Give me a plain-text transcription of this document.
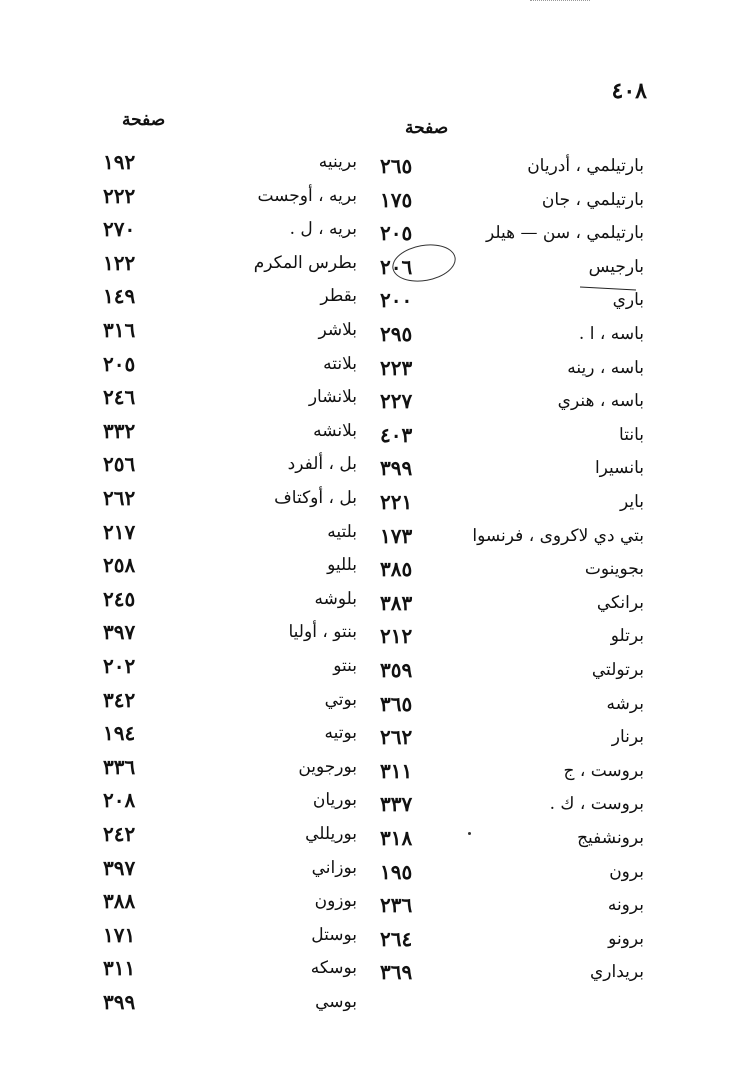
٤٠٨
صفحة	صفحة
برينيه
١٩٢
بريه ، أوجست
٢٢٢
بريه ، ل .
٢٧٠
بطرس المكرم
١٢٢
بقطر
١٤٩
بلاشر
٣١٦
بلانته
٢٠٥
بلانشار
٢٤٦
بلانشه
٣٣٢
بل ، ألفرد
٢٥٦
بل ، أوكتاف
٢٦٢
بلتيه
٢١٧
بلليو
٢٥٨
بلوشه
٢٤٥
بنتو ، أوليا
٣٩٧
بنتو
٢٠٢
بوتي
٣٤٢
بوتيه
١٩٤
بورجوين
٣٣٦
بوريان
٢٠٨
بوريللي
٢٤٢
بوزاني
٣٩٧
بوزون
٣٨٨
بوستل
١٧١
بوسكه
٣١١
بوسي
٣٩٩
بارتيلمي ، أدريان
٢٦٥
بارتيلمي ، جان
١٧٥
بارتيلمي ، سن — هيلر
٢٠٥
بارجيس
٢٠٦
باري
٢٠٠
باسه ، ا .
٢٩٥
باسه ، رينه
٢٢٣
باسه ، هنري
٢٢٧
بانتا
٤٠٣
بانسيرا
٣٩٩
باير
٢٢١
بتي دي لاكروى ، فرنسوا
١٧٣
بجوينوت
٣٨٥
برانكي
٣٨٣
برتلو
٢١٢
برتولتي
٣٥٩
برشه
٣٦٥
برنار
٢٦٢
بروست ، ج
٣١١
بروست ، ك .
٣٣٧
برونشفيج
٣١٨
برون
١٩٥
برونه
٢٣٦
برونو
٢٦٤
بريداري
٣٦٩
